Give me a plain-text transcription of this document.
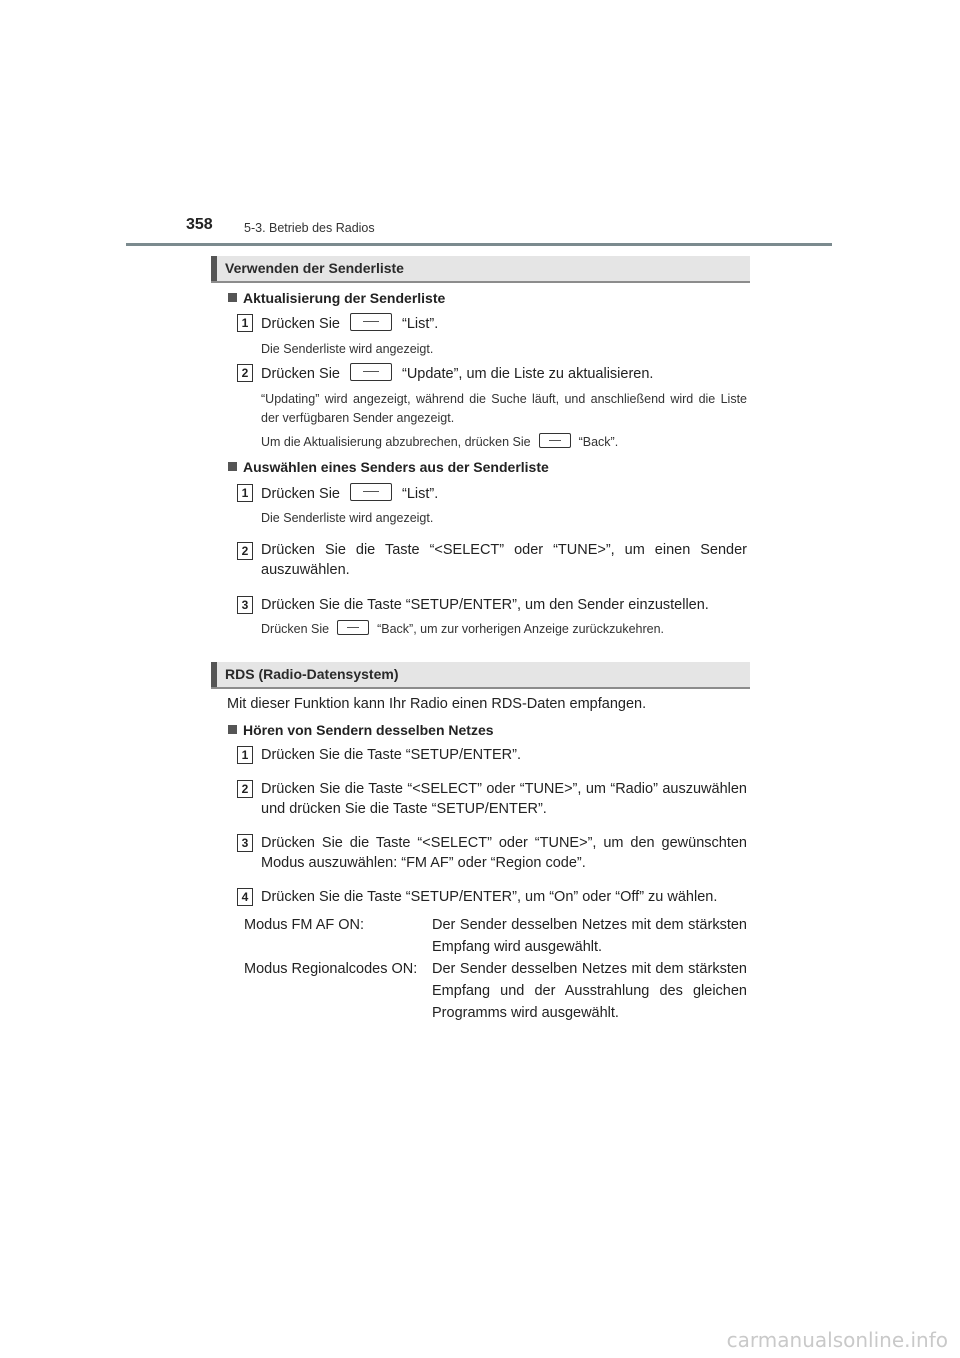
358	5-3. Betrieb des Radios
Verwenden der Senderliste
Aktualisierung der Senderliste
1 Drücken Sie	“List”.
Die Senderliste wird angezeigt.
2 Drücken Sie	“Update”, um die Liste zu aktualisieren.
“Updating” wird angezeigt, während die Suche läuft, und anschließend wird die Liste der verfügbaren Sender angezeigt.
Um die Aktualisierung abzubrechen, drücken Sie	“Back”.
Auswählen eines Senders aus der Senderliste
1 Drücken Sie	“List”.
Die Senderliste wird angezeigt.
2 Drücken Sie die Taste “<SELECT” oder “TUNE>”, um einen Sender auszuwählen.
3 Drücken Sie die Taste “SETUP/ENTER”, um den Sender einzustellen.
Drücken Sie	“Back”, um zur vorherigen Anzeige zurückzukehren.
RDS (Radio-Datensystem)
Mit dieser Funktion kann Ihr Radio einen RDS-Daten empfangen.
Hören von Sendern desselben Netzes
1 Drücken Sie die Taste “SETUP/ENTER”.
2 Drücken Sie die Taste “<SELECT” oder “TUNE>”, um “Radio” auszuwählen und drücken Sie die Taste “SETUP/ENTER”.
3 Drücken Sie die Taste “<SELECT” oder “TUNE>”, um den gewünschten Modus auszuwählen: “FM AF” oder “Region code”.
4 Drücken Sie die Taste “SETUP/ENTER”, um “On” oder “Off” zu wählen.
Modus FM AF ON:	Der Sender desselben Netzes mit dem stärksten Empfang wird ausgewählt.
Modus Regionalcodes ON: Der Sender desselben Netzes mit dem stärksten Empfang und der Ausstrahlung des gleichen Programms wird ausgewählt.
carmanualsonline.info
